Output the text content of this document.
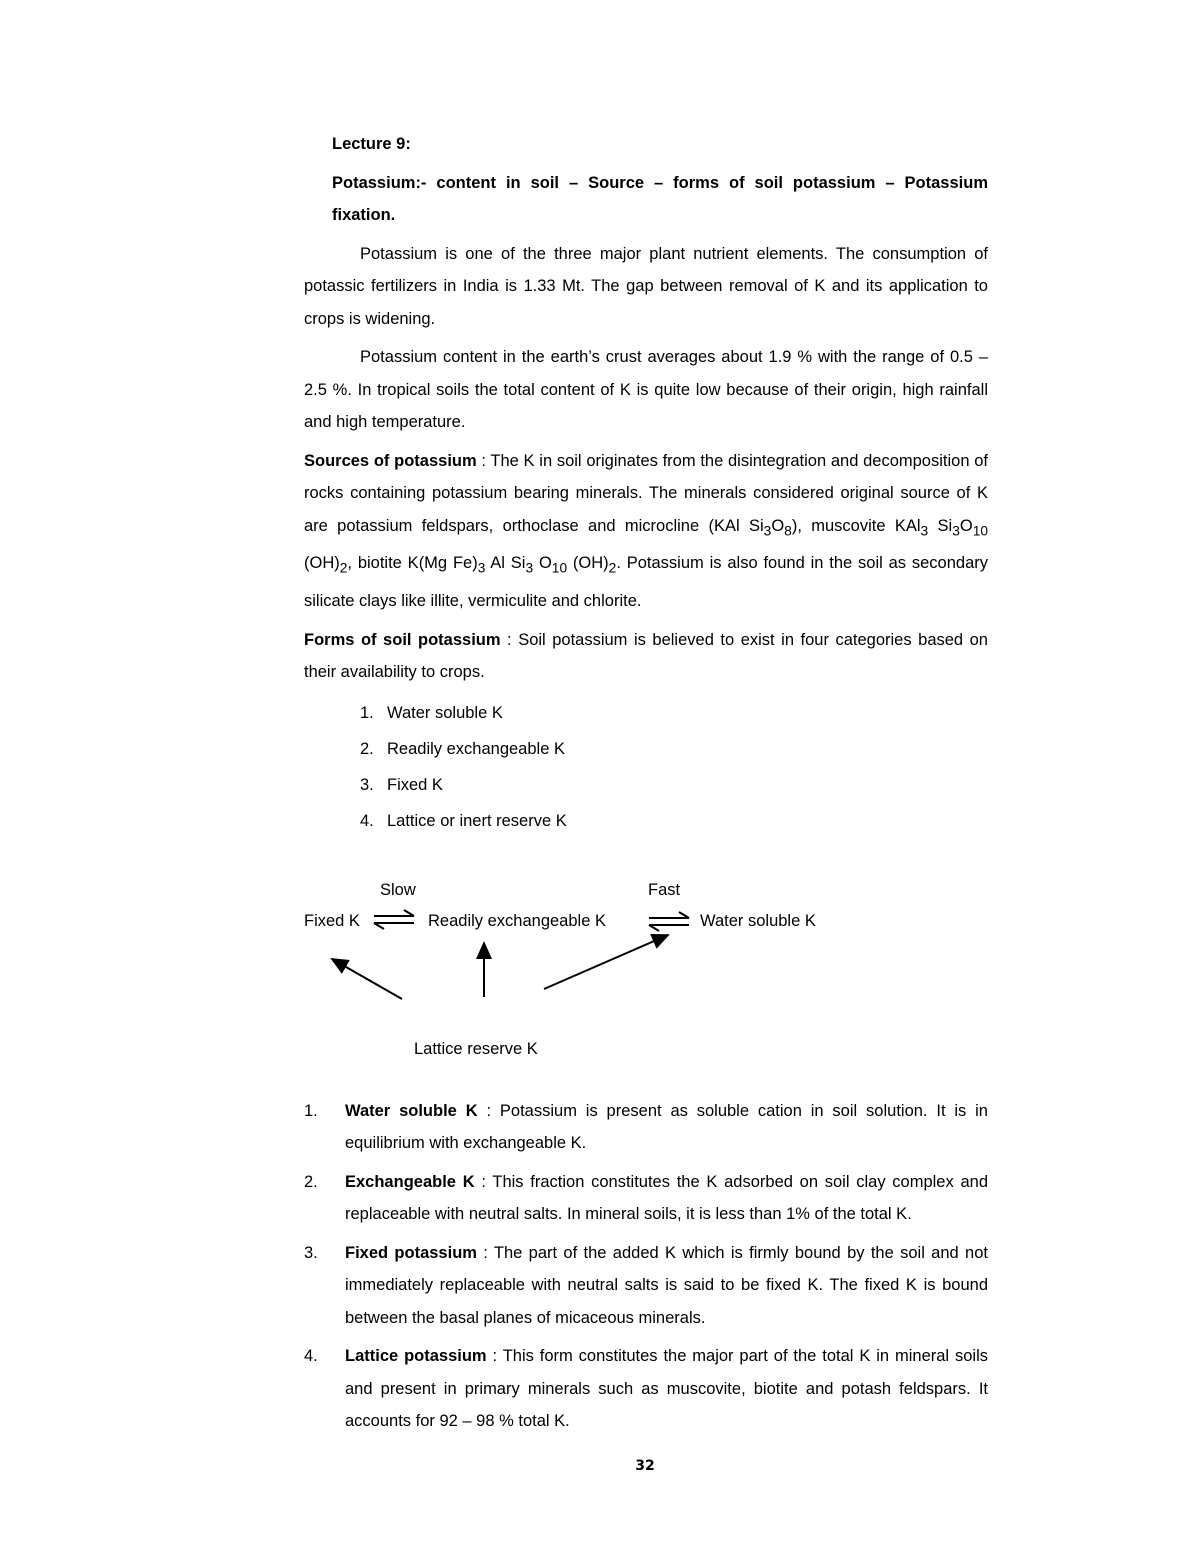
Lecture 9:

Potassium:- content in soil – Source – forms of soil potassium – Potassium fixation.

Potassium is one of the three major plant nutrient elements. The consumption of potassic fertilizers in India is 1.33 Mt. The gap between removal of K and its application to crops is widening.

Potassium content in the earth’s crust averages about 1.9 % with the range of 0.5 – 2.5 %. In tropical soils the total content of K is quite low because of their origin, high rainfall and high temperature.

Sources of potassium : The K in soil originates from the disintegration and decomposition of rocks containing potassium bearing minerals. The minerals considered original source of K are potassium feldspars, orthoclase and microcline (KAl $Si_3O_8$), muscovite KAl$_3$ $Si_3O_{10}$ $(OH)_2$, biotite K(Mg $Fe)_3$ Al $Si_3$ $O_{10}$ $(OH)_2$. Potassium is also found in the soil as secondary silicate clays like illite, vermiculite and chlorite.

Forms of soil potassium : Soil potassium is believed to exist in four categories based on their availability to crops.

1. Water soluble K
2. Readily exchangeable K
3. Fixed K
4. Lattice or inert reserve K
Slow	Fast
Fixed K	Readily exchangeable K	Water soluble K
Lattice reserve K
1. Water soluble K : Potassium is present as soluble cation in soil solution. It is in equilibrium with exchangeable K.
2. Exchangeable K : This fraction constitutes the K adsorbed on soil clay complex and replaceable with neutral salts. In mineral soils, it is less than 1% of the total K.
3. Fixed potassium : The part of the added K which is firmly bound by the soil and not immediately replaceable with neutral salts is said to be fixed K. The fixed K is bound between the basal planes of micaceous minerals.
4. Lattice potassium : This form constitutes the major part of the total K in mineral soils and present in primary minerals such as muscovite, biotite and potash feldspars. It accounts for 92 – 98 % total K.
32
